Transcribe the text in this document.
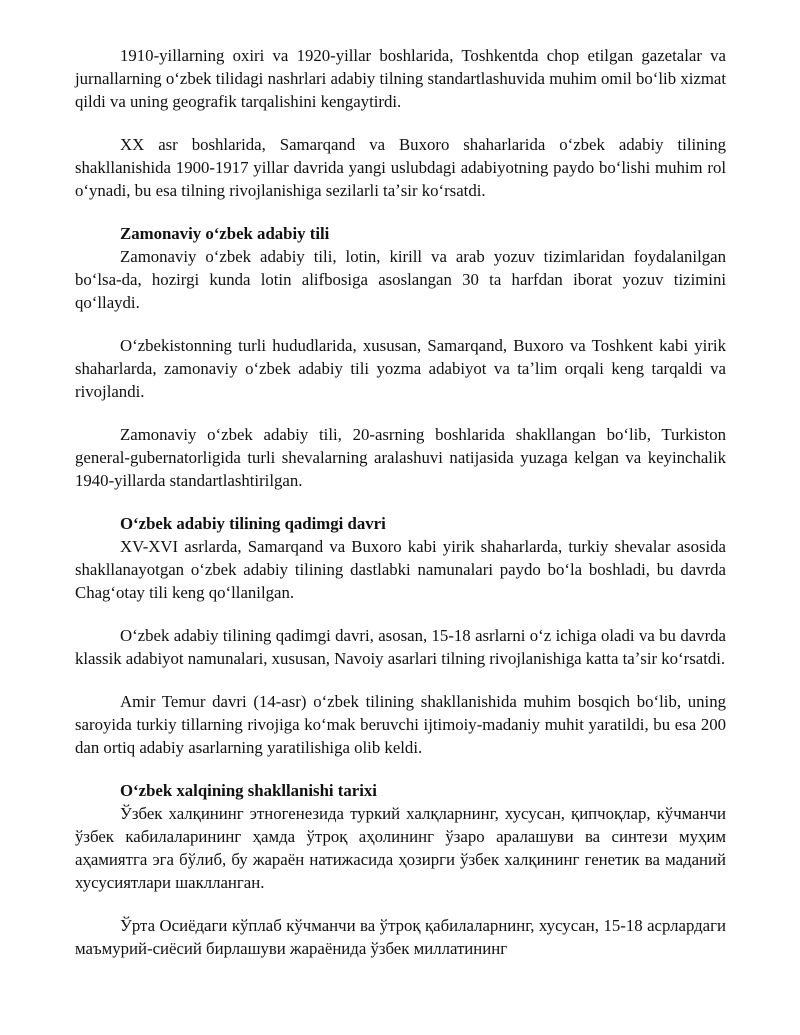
1910-yillarning oxiri va 1920-yillar boshlarida, Toshkentda chop etilgan gazetalar va jurnallarning oʻzbek tilidagi nashrlari adabiy tilning standartlashuvida muhim omil boʻlib xizmat qildi va uning geografik tarqalishini kengaytirdi.

XX asr boshlarida, Samarqand va Buxoro shaharlarida oʻzbek adabiy tilining shakllanishida 1900-1917 yillar davrida yangi uslubdagi adabiyotning paydo boʻlishi muhim rol oʻynadi, bu esa tilning rivojlanishiga sezilarli taʼsir koʻrsatdi.

Zamonaviy oʻzbek adabiy tili

Zamonaviy oʻzbek adabiy tili, lotin, kirill va arab yozuv tizimlaridan foydalanilgan boʻlsa-da, hozirgi kunda lotin alifbosiga asoslangan 30 ta harfdan iborat yozuv tizimini qoʻllaydi.

Oʻzbekistonning turli hududlarida, xususan, Samarqand, Buxoro va Toshkent kabi yirik shaharlarda, zamonaviy oʻzbek adabiy tili yozma adabiyot va taʼlim orqali keng tarqaldi va rivojlandi.

Zamonaviy oʻzbek adabiy tili, 20-asrning boshlarida shakllangan boʻlib, Turkiston general-gubernatorligida turli shevalarning aralashuvi natijasida yuzaga kelgan va keyinchalik 1940-yillarda standartlashtirilgan.

Oʻzbek adabiy tilining qadimgi davri

XV-XVI asrlarda, Samarqand va Buxoro kabi yirik shaharlarda, turkiy shevalar asosida shakllanayotgan oʻzbek adabiy tilining dastlabki namunalari paydo boʻla boshladi, bu davrda Chagʻotay tili keng qoʻllanilgan.

Oʻzbek adabiy tilining qadimgi davri, asosan, 15-18 asrlarni oʻz ichiga oladi va bu davrda klassik adabiyot namunalari, xususan, Navoiy asarlari tilning rivojlanishiga katta taʼsir koʻrsatdi.

Amir Temur davri (14-asr) oʻzbek tilining shakllanishida muhim bosqich boʻlib, uning saroyida turkiy tillarning rivojiga koʻmak beruvchi ijtimoiy-madaniy muhit yaratildi, bu esa 200 dan ortiq adabiy asarlarning yaratilishiga olib keldi.

Oʻzbek xalqining shakllanishi tarixi

Ўзбек халқининг этногенезида туркий халқларнинг, хусусан, қипчоқлар, кўчманчи ўзбек кабилаларининг ҳамда ўтроқ аҳолининг ўзаро аралашуви ва синтези муҳим аҳамиятга эга бўлиб, бу жараён натижасида ҳозирги ўзбек халқининг генетик ва маданий хусусиятлари шаклланган.

Ўрта Осиёдаги кўплаб кўчманчи ва ўтроқ қабилаларнинг, хусусан, 15-18 асрлардаги маъмурий-сиёсий бирлашуви жараёнида ўзбек миллатининг
